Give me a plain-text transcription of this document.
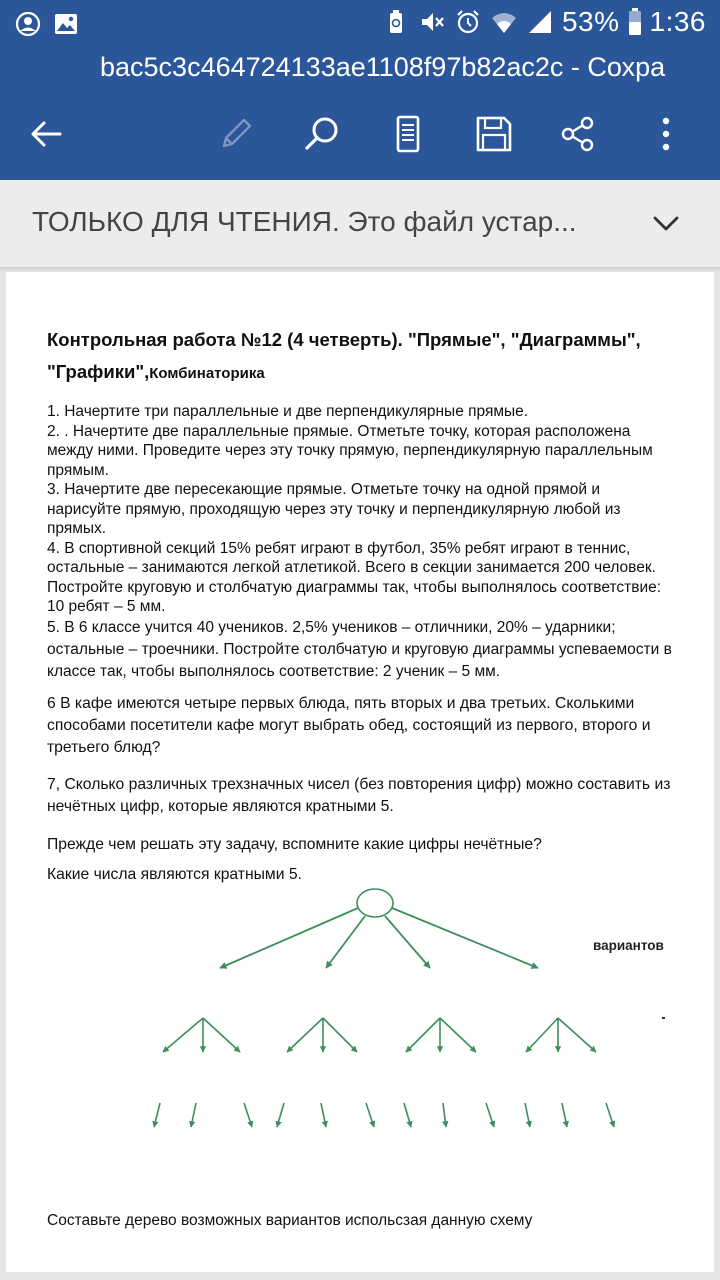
53% 1:36
bac5c3c464724133ae1108f97b82ac2c - Сохра
ТОЛЬКО ДЛЯ ЧТЕНИЯ. Это файл устар...
Контрольная работа №12 (4 четверть). "Прямые", "Диаграммы",
"Графики",Комбинаторика

1. Начертите три параллельные и две перпендикулярные прямые.

2. . Начертите две параллельные прямые. Отметьте точку, которая расположена между ними. Проведите через эту точку прямую, перпендикулярную параллельным прямым.

3. Начертите две пересекающие прямые. Отметьте точку на одной прямой и нарисуйте прямую, проходящую через эту точку и перпендикулярную любой из прямых.

4. В спортивной секций 15% ребят играют в футбол, 35% ребят играют в теннис, остальные – занимаются легкой атлетикой. Всего в секции занимается 200 человек. Постройте круговую и столбчатую диаграммы так, чтобы выполнялось соответствие: 10 ребят – 5 мм.

5. В 6 классе учится 40 учеников. 2,5% учеников – отличники, 20% – ударники; остальные – троечники. Постройте столбчатую и круговую диаграммы успеваемости в классе так, чтобы выполнялось соответствие: 2 ученик – 5 мм.

6 В кафе имеются четыре первых блюда, пять вторых и два третьих. Сколькими способами посетители кафе могут выбрать обед, состоящий из первого, второго и третьего блюд?

7, Сколько различных трехзначных чисел (без повторения цифр) можно составить из нечётных цифр, которые являются кратными 5.

Прежде чем решать эту задачу, вспомните какие цифры нечётные?

Какие числа являются кратными 5.

вариантов
Составьте дерево возможных вариантов испольсзая данную схему
